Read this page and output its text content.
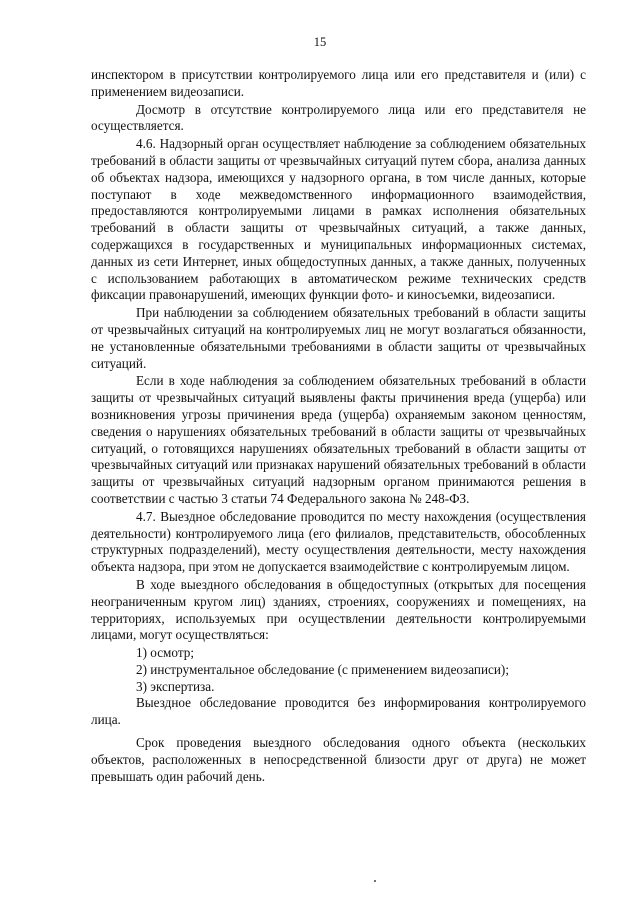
15

инспектором в присутствии контролируемого лица или его представителя и (или) с применением видеозаписи.

Досмотр в отсутствие контролируемого лица или его представителя не осуществляется.

4.6. Надзорный орган осуществляет наблюдение за соблюдением обязательных требований в области защиты от чрезвычайных ситуаций путем сбора, анализа данных об объектах надзора, имеющихся у надзорного органа, в том числе данных, которые поступают в ходе межведомственного информационного взаимодействия, предоставляются контролируемыми лицами в рамках исполнения обязательных требований в области защиты от чрезвычайных ситуаций, а также данных, содержащихся в государственных и муниципальных информационных системах, данных из сети Интернет, иных общедоступных данных, а также данных, полученных с использованием работающих в автоматическом режиме технических средств фиксации правонарушений, имеющих функции фото- и киносъемки, видеозаписи.

При наблюдении за соблюдением обязательных требований в области защиты от чрезвычайных ситуаций на контролируемых лиц не могут возлагаться обязанности, не установленные обязательными требованиями в области защиты от чрезвычайных ситуаций.

Если в ходе наблюдения за соблюдением обязательных требований в области защиты от чрезвычайных ситуаций выявлены факты причинения вреда (ущерба) или возникновения угрозы причинения вреда (ущерба) охраняемым законом ценностям, сведения о нарушениях обязательных требований в области защиты от чрезвычайных ситуаций, о готовящихся нарушениях обязательных требований в области защиты от чрезвычайных ситуаций или признаках нарушений обязательных требований в области защиты от чрезвычайных ситуаций надзорным органом принимаются решения в соответствии с частью 3 статьи 74 Федерального закона № 248-ФЗ.

4.7. Выездное обследование проводится по месту нахождения (осуществления деятельности) контролируемого лица (его филиалов, представительств, обособленных структурных подразделений), месту осуществления деятельности, месту нахождения объекта надзора, при этом не допускается взаимодействие с контролируемым лицом.

В ходе выездного обследования в общедоступных (открытых для посещения неограниченным кругом лиц) зданиях, строениях, сооружениях и помещениях, на территориях, используемых при осуществлении деятельности контролируемыми лицами, могут осуществляться:

1) осмотр;

2) инструментальное обследование (с применением видеозаписи);

3) экспертиза.

Выездное обследование проводится без информирования контролируемого лица.

Срок проведения выездного обследования одного объекта (нескольких объектов, расположенных в непосредственной близости друг от друга) не может превышать один рабочий день.
